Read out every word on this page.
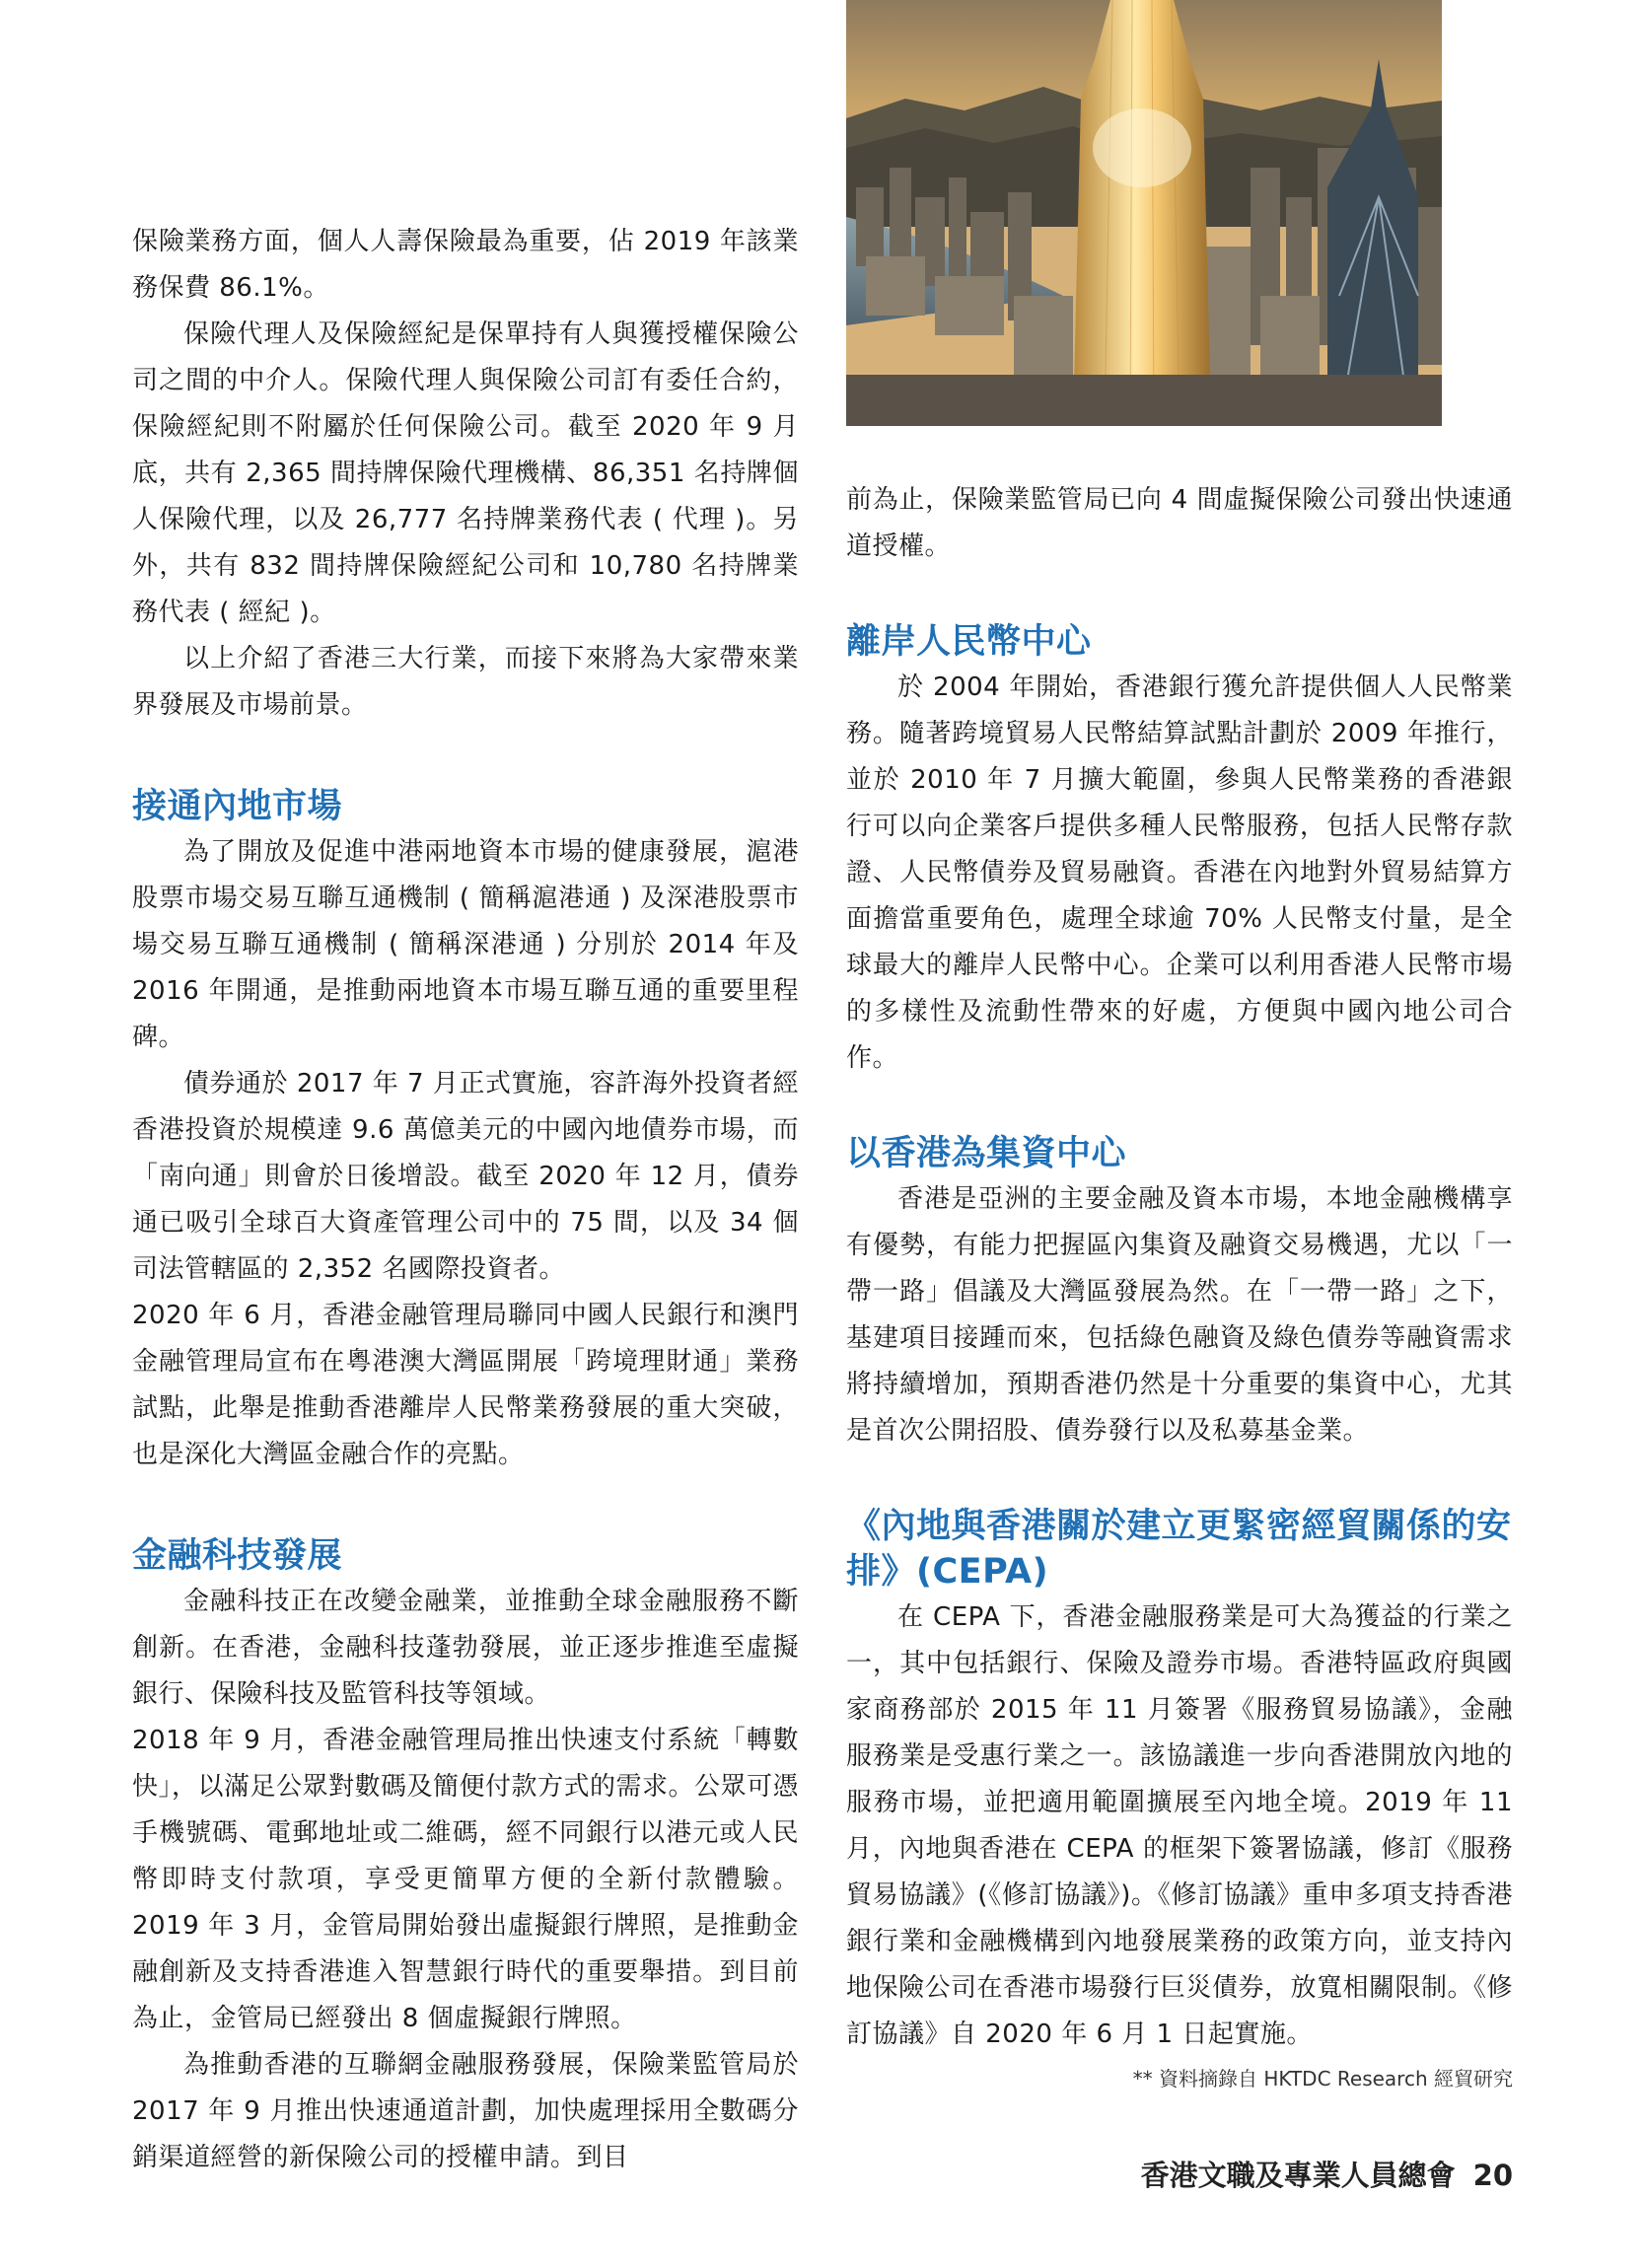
保險業務方面，個人人壽保險最為重要，佔 2019 年該業務保費 86.1%。

保險代理人及保險經紀是保單持有人與獲授權保險公司之間的中介人。保險代理人與保險公司訂有委任合約，保險經紀則不附屬於任何保險公司。截至 2020 年 9 月底，共有 2,365 間持牌保險代理機構、86,351 名持牌個人保險代理，以及 26,777 名持牌業務代表 ( 代理 )。另外，共有 832 間持牌保險經紀公司和 10,780 名持牌業務代表 ( 經紀 )。

以上介紹了香港三大行業，而接下來將為大家帶來業界發展及市場前景。

接通內地市場

為了開放及促進中港兩地資本市場的健康發展，滬港股票市場交易互聯互通機制 ( 簡稱滬港通 ) 及深港股票市場交易互聯互通機制 ( 簡稱深港通 ) 分別於 2014 年及 2016 年開通，是推動兩地資本市場互聯互通的重要里程碑。

債券通於 2017 年 7 月正式實施，容許海外投資者經香港投資於規模達 9.6 萬億美元的中國內地債券市場，而「南向通」則會於日後增設。截至 2020 年 12 月，債券通已吸引全球百大資產管理公司中的 75 間，以及 34 個司法管轄區的 2,352 名國際投資者。

2020 年 6 月，香港金融管理局聯同中國人民銀行和澳門金融管理局宣布在粵港澳大灣區開展「跨境理財通」業務試點，此舉是推動香港離岸人民幣業務發展的重大突破，也是深化大灣區金融合作的亮點。

金融科技發展

金融科技正在改變金融業，並推動全球金融服務不斷創新。在香港，金融科技蓬勃發展，並正逐步推進至虛擬銀行、保險科技及監管科技等領域。

2018 年 9 月，香港金融管理局推出快速支付系統「轉數快」，以滿足公眾對數碼及簡便付款方式的需求。公眾可憑手機號碼、電郵地址或二維碼，經不同銀行以港元或人民幣即時支付款項，享受更簡單方便的全新付款體驗。2019 年 3 月，金管局開始發出虛擬銀行牌照，是推動金融創新及支持香港進入智慧銀行時代的重要舉措。到目前為止，金管局已經發出 8 個虛擬銀行牌照。

為推動香港的互聯網金融服務發展，保險業監管局於 2017 年 9 月推出快速通道計劃，加快處理採用全數碼分銷渠道經營的新保險公司的授權申請。到目

前為止，保險業監管局已向 4 間虛擬保險公司發出快速通道授權。

離岸人民幣中心

於 2004 年開始，香港銀行獲允許提供個人人民幣業務。隨著跨境貿易人民幣結算試點計劃於 2009 年推行，並於 2010 年 7 月擴大範圍，參與人民幣業務的香港銀行可以向企業客戶提供多種人民幣服務，包括人民幣存款證、人民幣債券及貿易融資。香港在內地對外貿易結算方面擔當重要角色，處理全球逾 70% 人民幣支付量，是全球最大的離岸人民幣中心。企業可以利用香港人民幣市場的多樣性及流動性帶來的好處，方便與中國內地公司合作。

以香港為集資中心

香港是亞洲的主要金融及資本市場，本地金融機構享有優勢，有能力把握區內集資及融資交易機遇，尤以「一帶一路」倡議及大灣區發展為然。在「一帶一路」之下，基建項目接踵而來，包括綠色融資及綠色債券等融資需求將持續增加，預期香港仍然是十分重要的集資中心，尤其是首次公開招股、債券發行以及私募基金業。

《內地與香港關於建立更緊密經貿關係的安排》(CEPA)

在 CEPA 下，香港金融服務業是可大為獲益的行業之一，其中包括銀行、保險及證券市場。香港特區政府與國家商務部於 2015 年 11 月簽署《服務貿易協議》，金融服務業是受惠行業之一。該協議進一步向香港開放內地的服務市場，並把適用範圍擴展至內地全境。2019 年 11 月，內地與香港在 CEPA 的框架下簽署協議，修訂《服務貿易協議》(《修訂協議》)。《修訂協議》重申多項支持香港銀行業和金融機構到內地發展業務的政策方向，並支持內地保險公司在香港市場發行巨災債券，放寬相關限制。《修訂協議》自 2020 年 6 月 1 日起實施。

** 資料摘錄自 HKTDC Research 經貿研究
香港文職及專業人員總會 20
